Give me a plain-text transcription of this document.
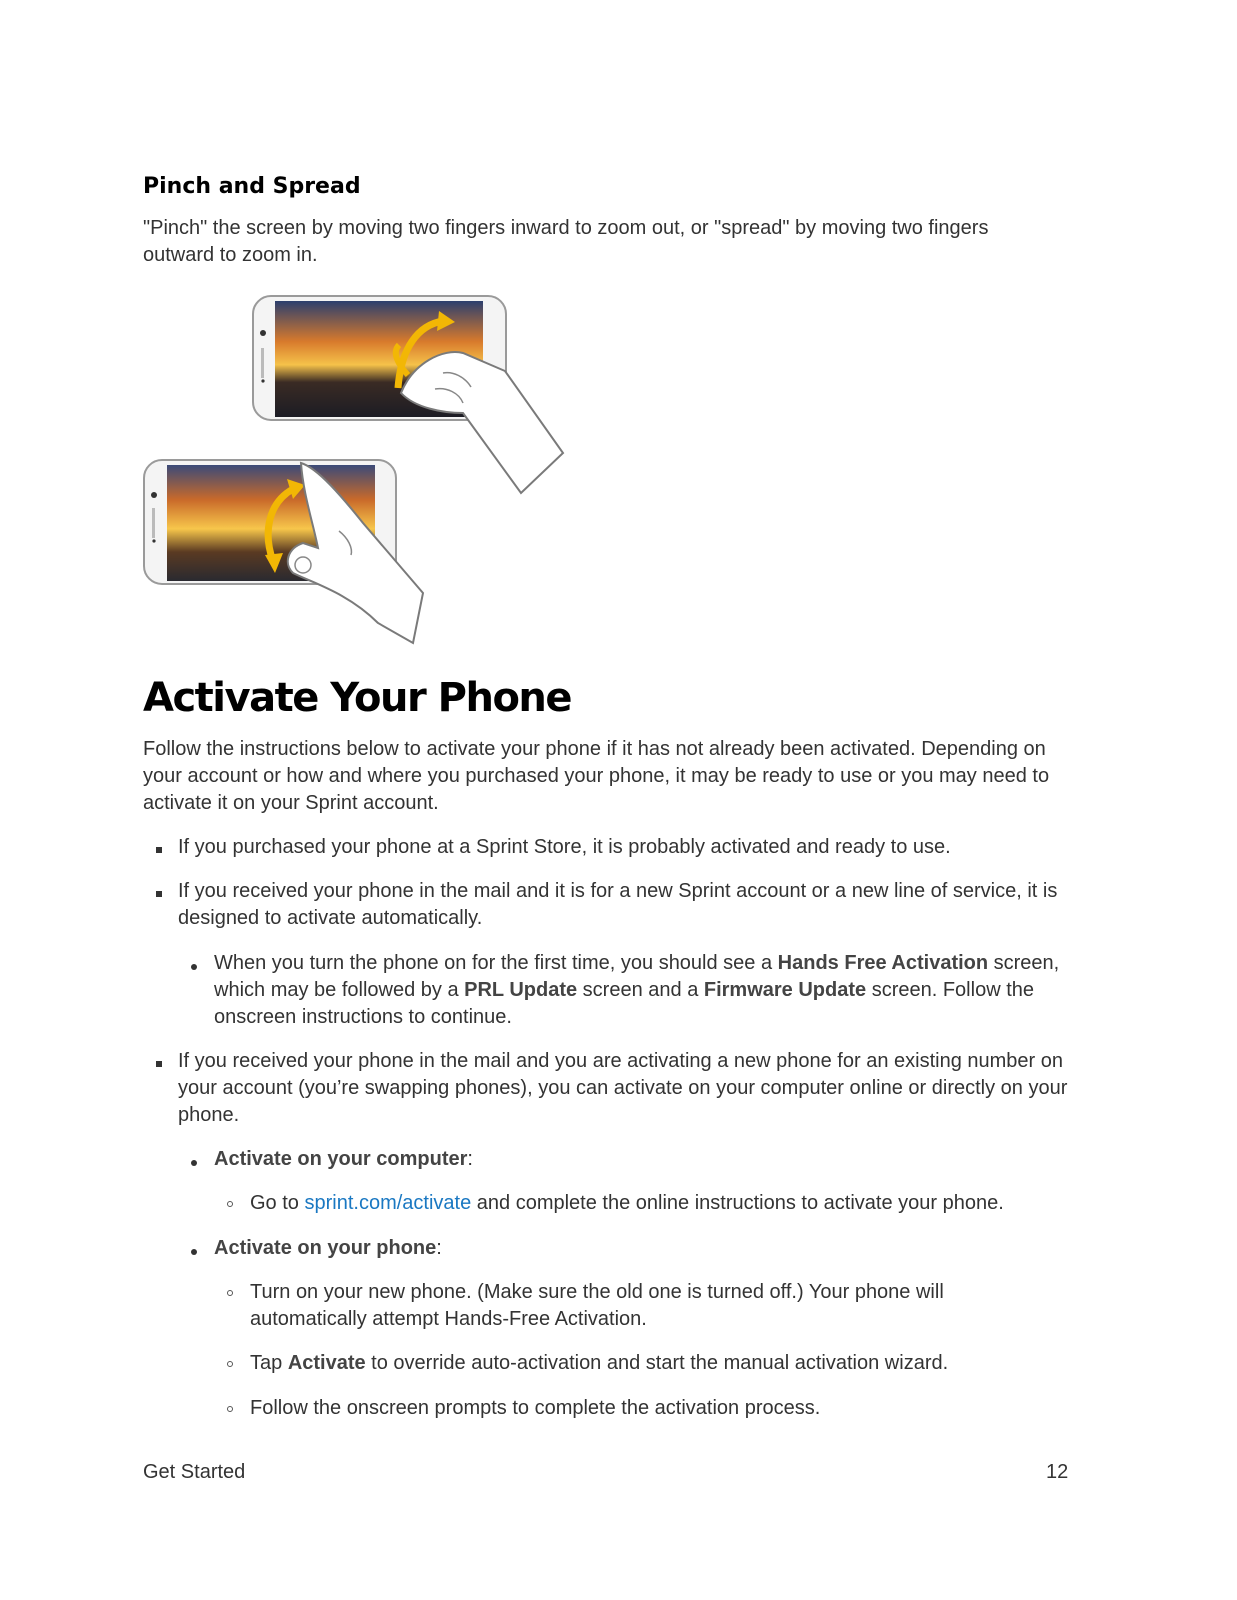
Pinch and Spread

"Pinch" the screen by moving two fingers inward to zoom out, or "spread" by moving two fingers outward to zoom in.

Activate Your Phone

Follow the instructions below to activate your phone if it has not already been activated. Depending on your account or how and where you purchased your phone, it may be ready to use or you may need to activate it on your Sprint account.

If you purchased your phone at a Sprint Store, it is probably activated and ready to use.
If you received your phone in the mail and it is for a new Sprint account or a new line of service, it is designed to activate automatically.
When you turn the phone on for the first time, you should see a Hands Free Activation screen, which may be followed by a PRL Update screen and a Firmware Update screen. Follow the onscreen instructions to continue.
If you received your phone in the mail and you are activating a new phone for an existing number on your account (you’re swapping phones), you can activate on your computer online or directly on your phone.
Activate on your computer:
Go to sprint.com/activate and complete the online instructions to activate your phone.
Activate on your phone:
Turn on your new phone. (Make sure the old one is turned off.) Your phone will automatically attempt Hands-Free Activation.
Tap Activate to override auto-activation and start the manual activation wizard.
Follow the onscreen prompts to complete the activation process.
Get Started	12
